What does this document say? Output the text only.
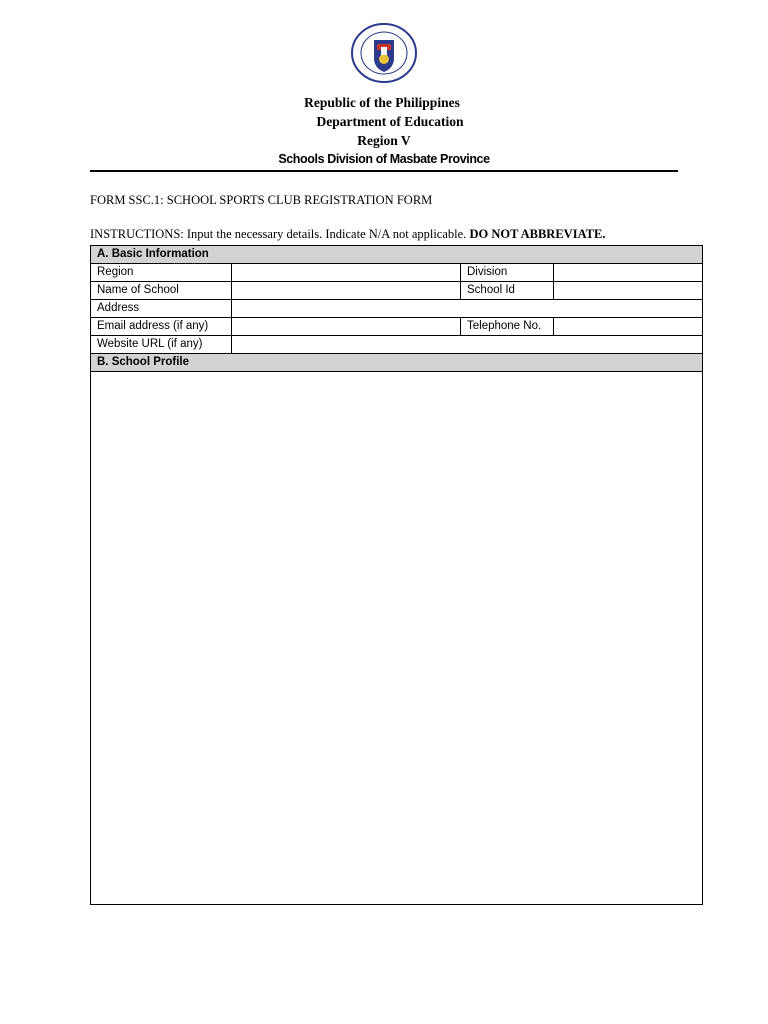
Republic of the Philippines
Department of Education
Region V
Schools Division of Masbate Province
FORM SSC.1: SCHOOL SPORTS CLUB REGISTRATION FORM
INSTRUCTIONS: Input the necessary details. Indicate N/A not applicable. DO NOT ABBREVIATE.
A. Basic Information			
Region		Division	
Name of School		School Id	
Address			
Email address (if any)		Telephone No.	
Website URL (if any)			
B. School Profile			
